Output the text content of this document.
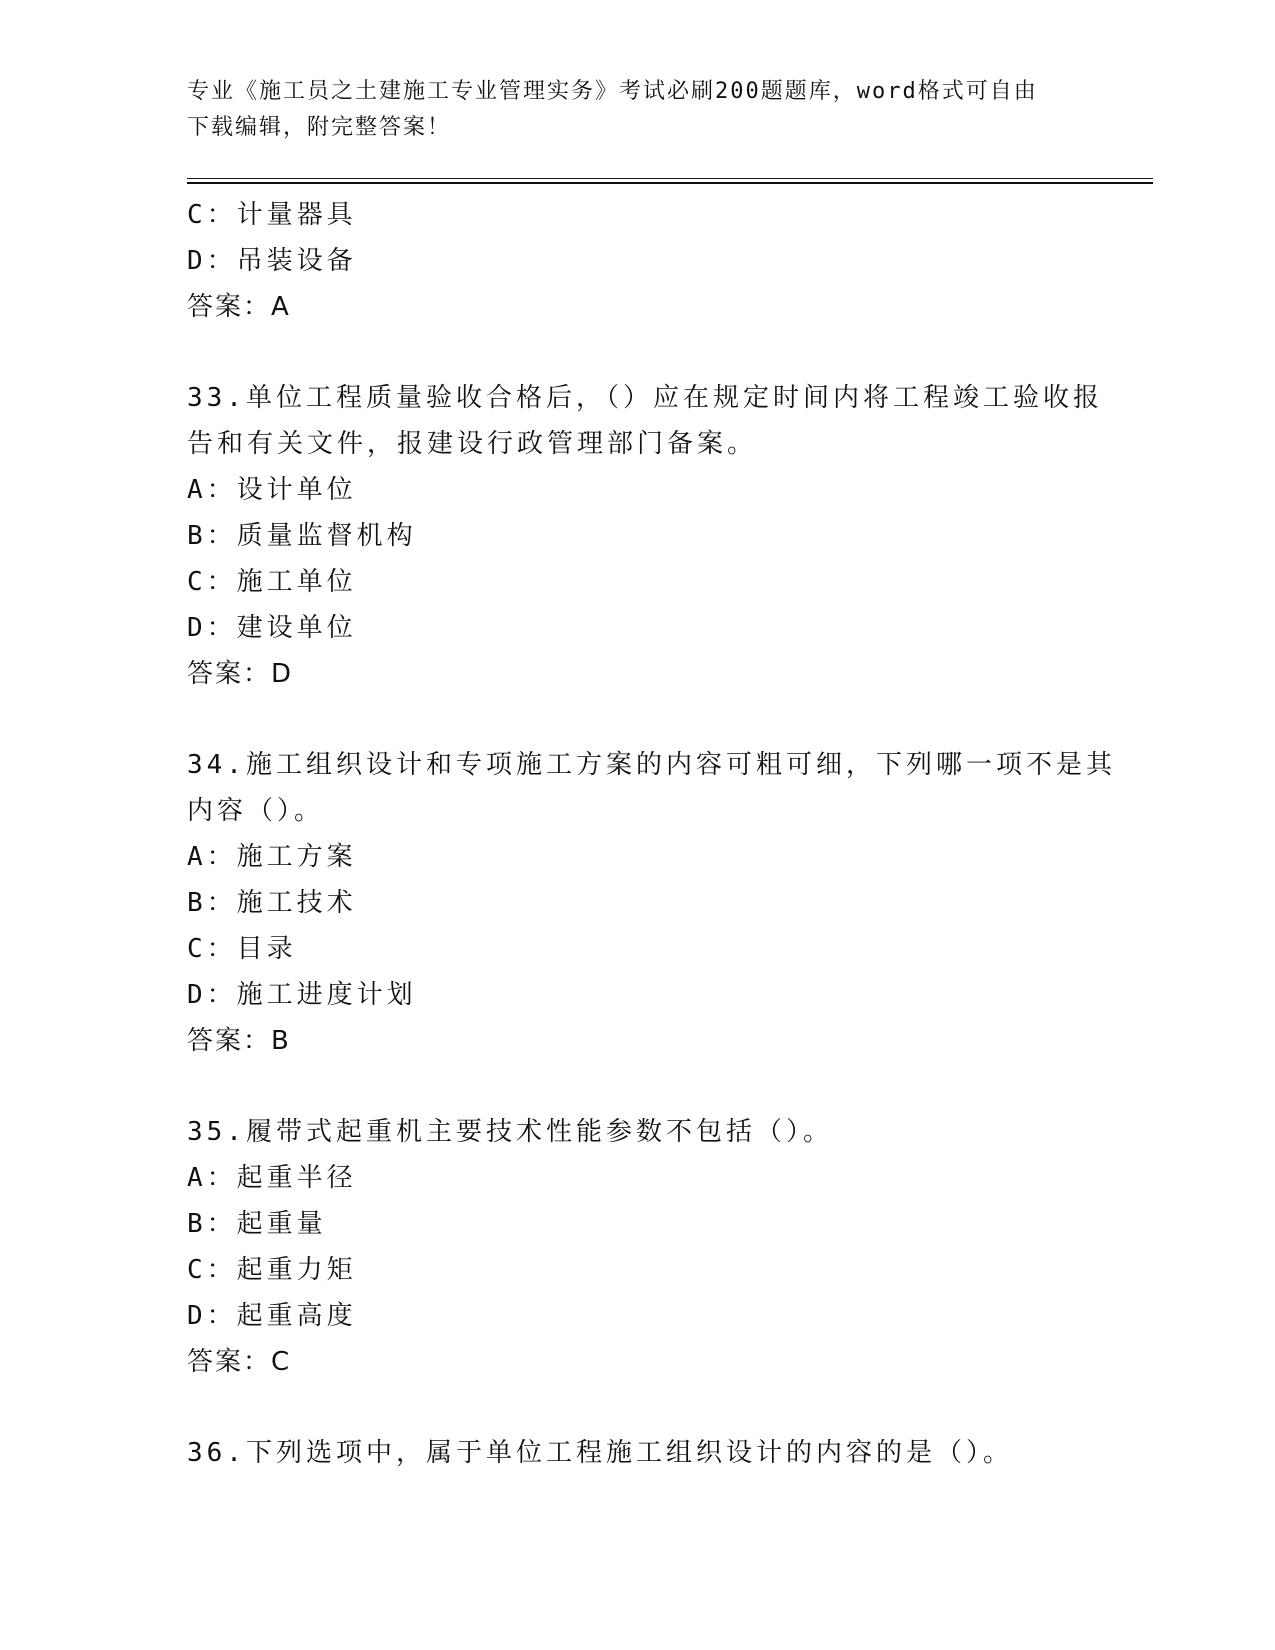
专业《施工员之土建施工专业管理实务》考试必刷200题题库，word格式可自由
下载编辑，附完整答案！
C：计量器具
D：吊装设备
答案：A
33.单位工程质量验收合格后，（）应在规定时间内将工程竣工验收报
告和有关文件，报建设行政管理部门备案。
A：设计单位
B：质量监督机构
C：施工单位
D：建设单位
答案：D
34.施工组织设计和专项施工方案的内容可粗可细，下列哪一项不是其
内容（）。
A：施工方案
B：施工技术
C：目录
D：施工进度计划
答案：B
35.履带式起重机主要技术性能参数不包括（）。
A：起重半径
B：起重量
C：起重力矩
D：起重高度
答案：C
36.下列选项中，属于单位工程施工组织设计的内容的是（）。
